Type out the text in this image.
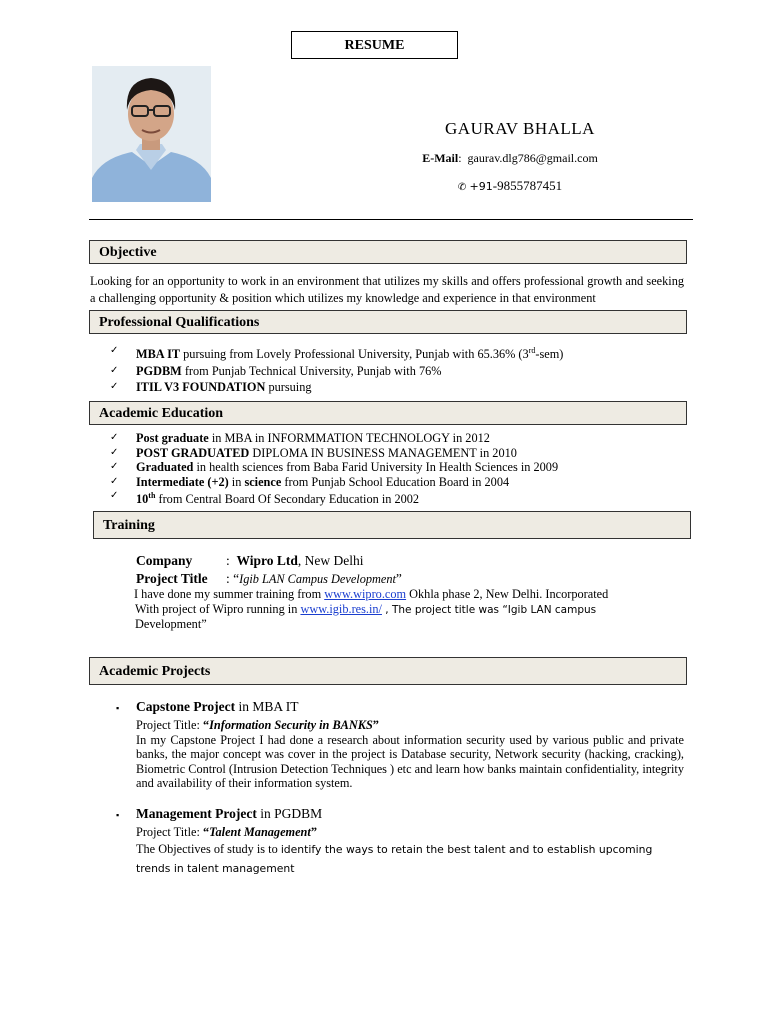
RESUME
GAURAV BHALLA
E-Mail:  gaurav.dlg786@gmail.com
✆ +91-9855787451
Objective
Looking for an opportunity to work in an environment that utilizes my skills and offers professional growth and seeking a challenging opportunity & position which utilizes my knowledge and experience in that environment
Professional Qualifications
✓ MBA IT pursuing from Lovely Professional University, Punjab with 65.36% (3rd-sem)
✓ PGDBM from Punjab Technical University, Punjab with 76%
✓ ITIL V3 FOUNDATION pursuing
Academic Education
✓ Post graduate in MBA in INFORMMATION TECHNOLOGY in 2012
✓ POST GRADUATED DIPLOMA IN BUSINESS MANAGEMENT in 2010
✓ Graduated in health sciences from Baba Farid University In Health Sciences in 2009
✓ Intermediate (+2) in science from Punjab School Education Board in 2004
✓ 10th from Central Board Of Secondary Education in 2002
Training
Company :  Wipro Ltd, New Delhi
Project Title : “Igib LAN Campus Development”
I have done my summer training from www.wipro.com Okhla phase 2, New Delhi. Incorporated
With project of Wipro running in www.igib.res.in/ , The project title was “Igib LAN campus
Development”
Academic Projects
▪ Capstone Project in MBA IT
Project Title: “Information Security in BANKS”
In my Capstone Project I had done a research about information security used by various public and private banks, the major concept was cover in the project is Database security, Network security (hacking, cracking), Biometric Control (Intrusion Detection Techniques ) etc and learn how banks maintain confidentiality, integrity and availability of their information system.
▪ Management Project in PGDBM
Project Title: “Talent Management”
The Objectives of study is to identify the ways to retain the best talent and to establish upcoming trends in talent management
